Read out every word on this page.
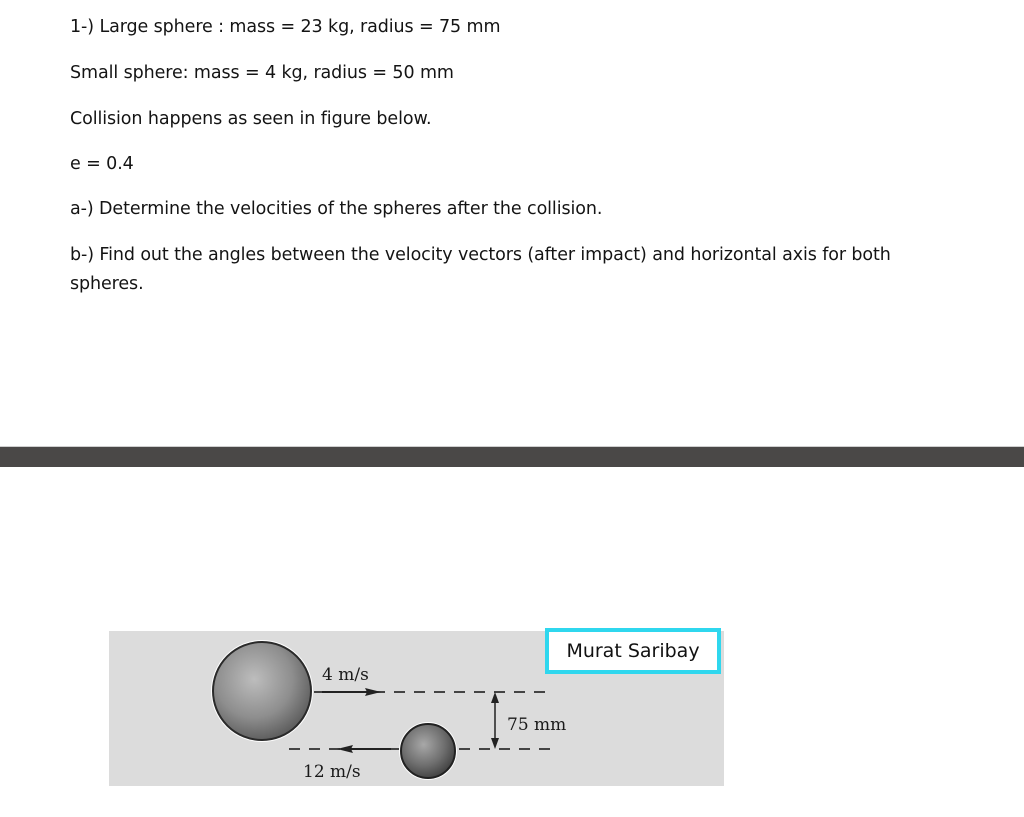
1-) Large sphere : mass = 23 kg, radius = 75 mm
Small sphere: mass = 4 kg, radius = 50 mm
Collision happens as seen in figure below.
e = 0.4
a-) Determine the velocities of the spheres after the collision.
b-) Find out the angles between the velocity vectors (after impact) and horizontal axis for both spheres.
4 m/s
12 m/s
75 mm
Murat Saribay
